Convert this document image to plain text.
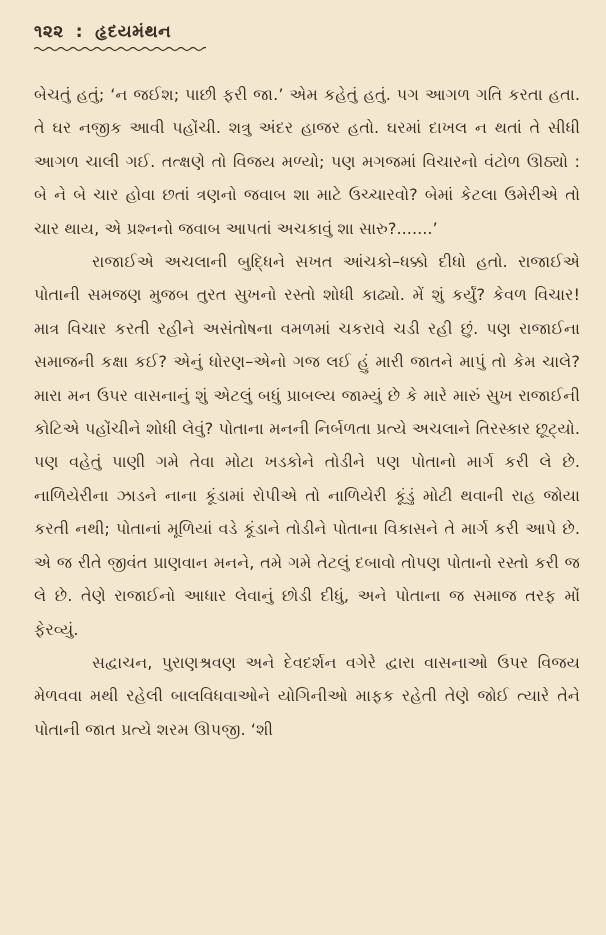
૧૨૨ : હૃદયમંથન

બેચતું હતું; ‘ન જઈશ; પાછી ફરી જા.’ એમ કહેતું હતું. પગ આગળ ગતિ કરતા હતા. તે ઘર નજીક આવી પહોંચી. શત્રુ અંદર હાજર હતો. ઘરમાં દાખલ ન થતાં તે સીધી આગળ ચાલી ગઈ. તત્ક્ષણે તો વિજય મળ્યો; પણ મગજમાં વિચારનો વંટોળ ઊઠ્યો : બે ને બે ચાર હોવા છતાં ત્રણનો જવાબ શા માટે ઉચ્ચારવો? બેમાં કેટલા ઉમેરીએ તો ચાર થાય, એ પ્રશ્નનો જવાબ આપતાં અચકાવું શા સારુ?.......’

રાજાઈએ અચલાની બુદ્ધિને સખત આંચકો–ધક્કો દીધો હતો. રાજાઈએ પોતાની સમજણ મુજબ તુરત સુખનો રસ્તો શોધી કાઢ્યો. મેં શું કર્યું? કેવળ વિચાર! માત્ર વિચાર કરતી રહીને અસંતોષના વમળમાં ચકરાવે ચડી રહી છું. પણ રાજાઈના સમાજની કક્ષા કઈ? એનું ધોરણ–એનો ગજ લઈ હું મારી જાતને માપું તો કેમ ચાલે? મારા મન ઉપર વાસનાનું શું એટલું બધું પ્રાબલ્ય જામ્યું છે કે મારે મારું સુખ રાજાઈની કોટિએ પહોંચીને શોધી લેવું? પોતાના મનની નિર્બળતા પ્રત્યે અચલાને તિરસ્કાર છૂટ્યો. પણ વહેતું પાણી ગમે તેવા મોટા ખડકોને તોડીને પણ પોતાનો માર્ગ કરી લે છે. નાળિયેરીના ઝાડને નાના કૂંડામાં રોપીએ તો નાળિયેરી કૂંડું મોટી થવાની રાહ જોયા કરતી નથી; પોતાનાં મૂળિયાં વડે કૂંડાને તોડીને પોતાના વિકાસને તે માર્ગ કરી આપે છે. એ જ રીતે જીવંત પ્રાણવાન મનને, તમે ગમે તેટલું દબાવો તોપણ પોતાનો રસ્તો કરી જ લે છે. તેણે રાજાઈનો આધાર લેવાનું છોડી દીધું, અને પોતાના જ સમાજ તરફ મોં ફેરવ્યું.

સદ્વાચન, પુરાણશ્રવણ અને દેવદર્શન વગેરે દ્વારા વાસનાઓ ઉપર વિજય મેળવવા મથી રહેલી બાલવિધવાઓને યોગિનીઓ માફક રહેતી તેણે જોઈ ત્યારે તેને પોતાની જાત પ્રત્યે શરમ ઊપજી. ‘શી
